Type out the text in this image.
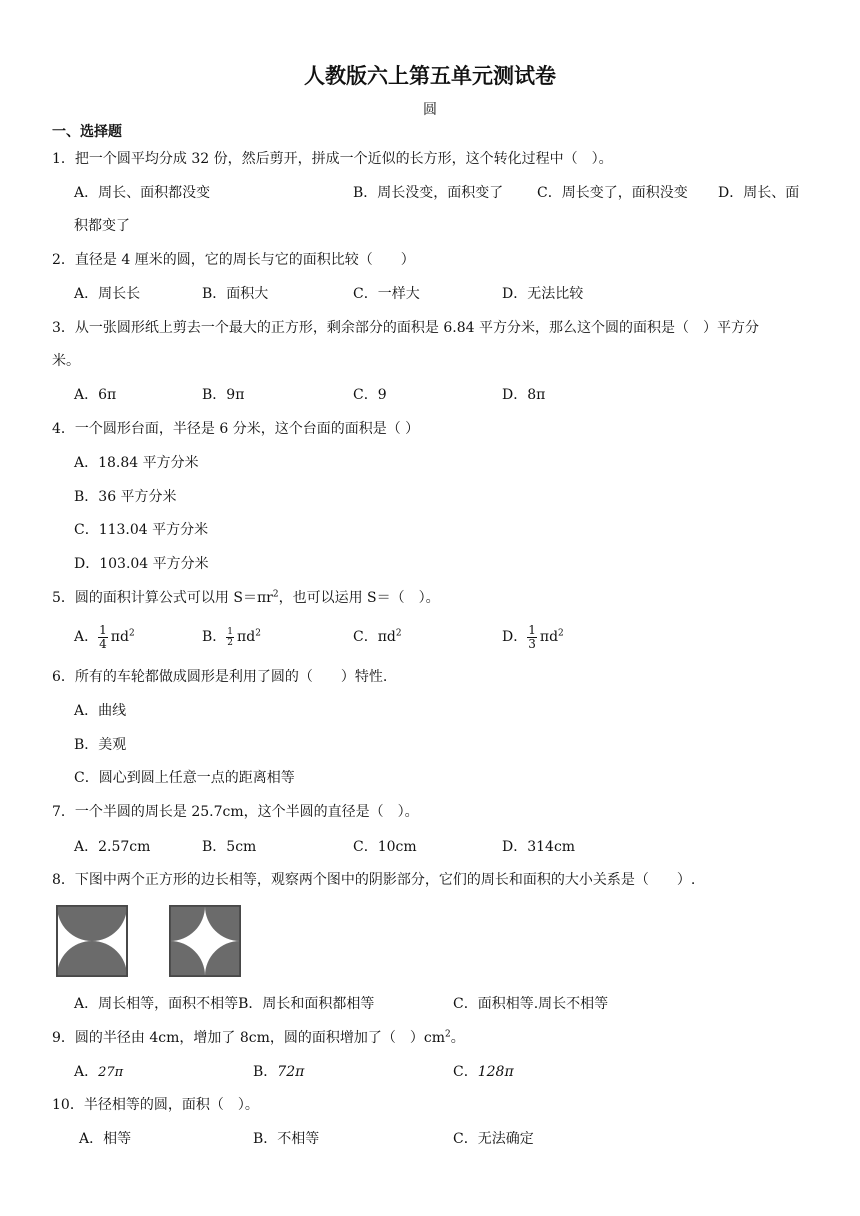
人教版六上第五单元测试卷
圆
一、选择题
1．把一个圆平均分成 32 份，然后剪开，拼成一个近似的长方形，这个转化过程中（　）。
A．周长、面积都没变	B．周长没变，面积变了 C．周长变了，面积没变 D．周长、面
积都变了
2．直径是 4 厘米的圆，它的周长与它的面积比较（　　）
A．周长长	B．面积大	C．一样大	D．无法比较
3．从一张圆形纸上剪去一个最大的正方形，剩余部分的面积是 6.84 平方分米，那么这个圆的面积是（　）平方分
米。
A．6π	B．9π	C．9	D．8π
4．一个圆形台面，半径是 6 分米，这个台面的面积是（ ）
A．18.84 平方分米
B．36 平方分米
C．113.04 平方分米
D．103.04 平方分米
5．圆的面积计算公式可以用 $S=\pi r^2$，也可以运用 S＝（　）。
A． $\frac{1}{4} \pi d^2$	B． $\frac{1}{2} \pi d^2$	C．$\pi d^2$	D． $\frac{1}{3} \pi d^2$
6．所有的车轮都做成圆形是利用了圆的（　　）特性.
A．曲线
B．美观
C．圆心到圆上任意一点的距离相等
7．一个半圆的周长是 25.7cm，这个半圆的直径是（　）。
A．2.57cm	B．5cm	C．10cm	D．314cm
8．下图中两个正方形的边长相等，观察两个图中的阴影部分，它们的周长和面积的大小关系是（　　）.
A．周长相等，面积不相等B．周长和面积都相等	C．面积相等.周长不相等
9．圆的半径由 4cm，增加了 8cm，圆的面积增加了（　）$cm^2$。
A．27π	B．72π	C．128π
10．半径相等的圆，面积（　）。
A．相等	B．不相等	C．无法确定
